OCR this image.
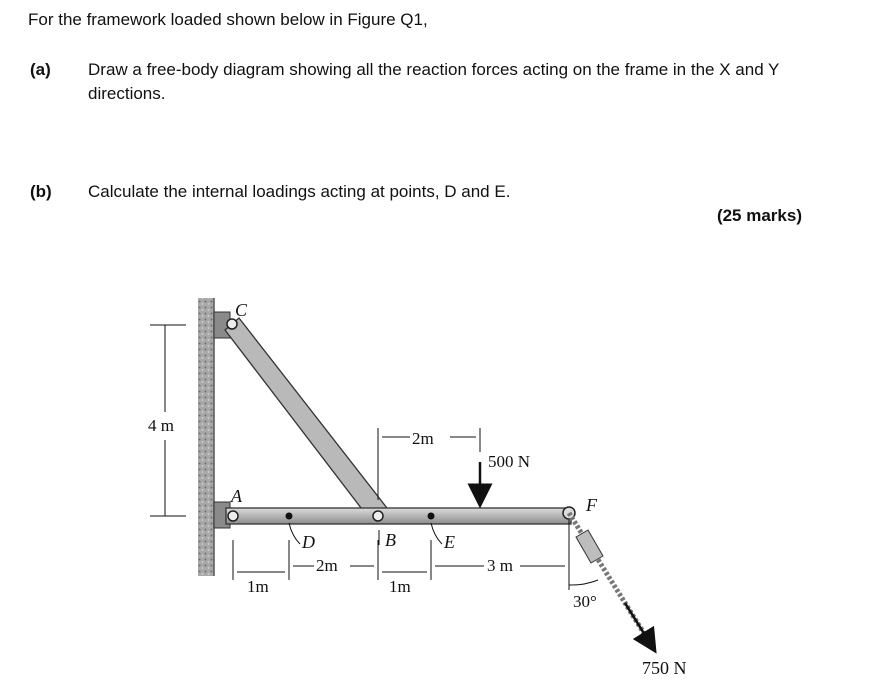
For the framework loaded shown below in Figure Q1,
(a) Draw a free-body diagram showing all the reaction forces acting on the frame in the X and Y directions.
(b) Calculate the internal loadings acting at points, D and E.
(25 marks)
4 m
2m
1m
2m
1m
3 m
30°
500 N
750 N
C
A
D	B	E
F
